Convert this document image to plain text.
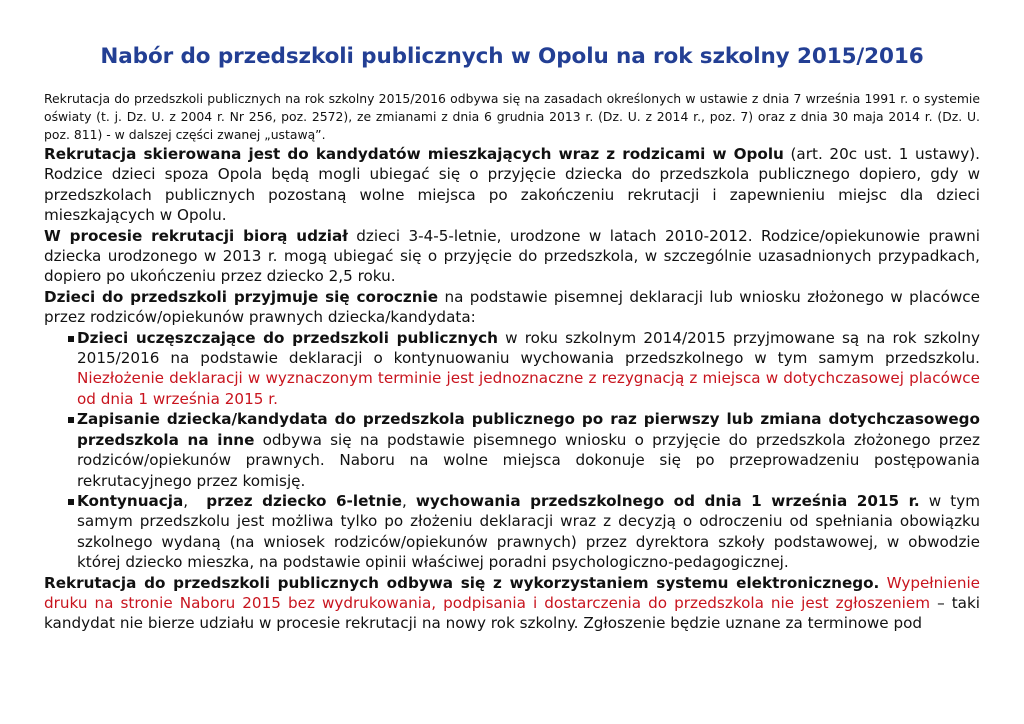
Nabór do przedszkoli publicznych w Opolu na rok szkolny 2015/2016

Rekrutacja do przedszkoli publicznych na rok szkolny 2015/2016 odbywa się na zasadach określonych w ustawie z dnia 7 września 1991 r. o systemie oświaty (t. j. Dz. U. z 2004 r. Nr 256, poz. 2572), ze zmianami z dnia 6 grudnia 2013 r. (Dz. U. z 2014 r., poz. 7) oraz z dnia 30 maja 2014 r. (Dz. U. poz. 811) - w dalszej części zwanej „ustawą”.

Rekrutacja skierowana jest do kandydatów mieszkających wraz z rodzicami w Opolu (art. 20c ust. 1 ustawy). Rodzice dzieci spoza Opola będą mogli ubiegać się o przyjęcie dziecka do przedszkola publicznego dopiero, gdy w przedszkolach publicznych pozostaną wolne miejsca po zakończeniu rekrutacji i zapewnieniu miejsc dla dzieci mieszkających w Opolu.

W procesie rekrutacji biorą udział dzieci 3-4-5-letnie, urodzone w latach 2010-2012. Rodzice/opiekunowie prawni dziecka urodzonego w 2013 r. mogą ubiegać się o przyjęcie do przedszkola, w szczególnie uzasadnionych przypadkach, dopiero po ukończeniu przez dziecko 2,5 roku.

Dzieci do przedszkoli przyjmuje się corocznie na podstawie pisemnej deklaracji lub wniosku złożonego w placówce przez rodziców/opiekunów prawnych dziecka/kandydata:

Dzieci uczęszczające do przedszkoli publicznych w roku szkolnym 2014/2015 przyjmowane są na rok szkolny 2015/2016 na podstawie deklaracji o kontynuowaniu wychowania przedszkolnego w tym samym przedszkolu. Niezłożenie deklaracji w wyznaczonym terminie jest jednoznaczne z rezygnacją z miejsca w dotychczasowej placówce od dnia 1 września 2015 r.
Zapisanie dziecka/kandydata do przedszkola publicznego po raz pierwszy lub zmiana dotychczasowego przedszkola na inne odbywa się na podstawie pisemnego wniosku o przyjęcie do przedszkola złożonego przez rodziców/opiekunów prawnych. Naboru na wolne miejsca dokonuje się po przeprowadzeniu postępowania rekrutacyjnego przez komisję.
Kontynuacja,  przez dziecko 6-letnie, wychowania przedszkolnego od dnia 1 września 2015 r. w tym samym przedszkolu jest możliwa tylko po złożeniu deklaracji wraz z decyzją o odroczeniu od spełniania obowiązku szkolnego wydaną (na wniosek rodziców/opiekunów prawnych) przez dyrektora szkoły podstawowej, w obwodzie której dziecko mieszka, na podstawie opinii właściwej poradni psychologiczno-pedagogicznej.

Rekrutacja do przedszkoli publicznych odbywa się z wykorzystaniem systemu elektronicznego. Wypełnienie druku na stronie Naboru 2015 bez wydrukowania, podpisania i dostarczenia do przedszkola nie jest zgłoszeniem – taki kandydat nie bierze udziału w procesie rekrutacji na nowy rok szkolny. Zgłoszenie będzie uznane za terminowe pod
